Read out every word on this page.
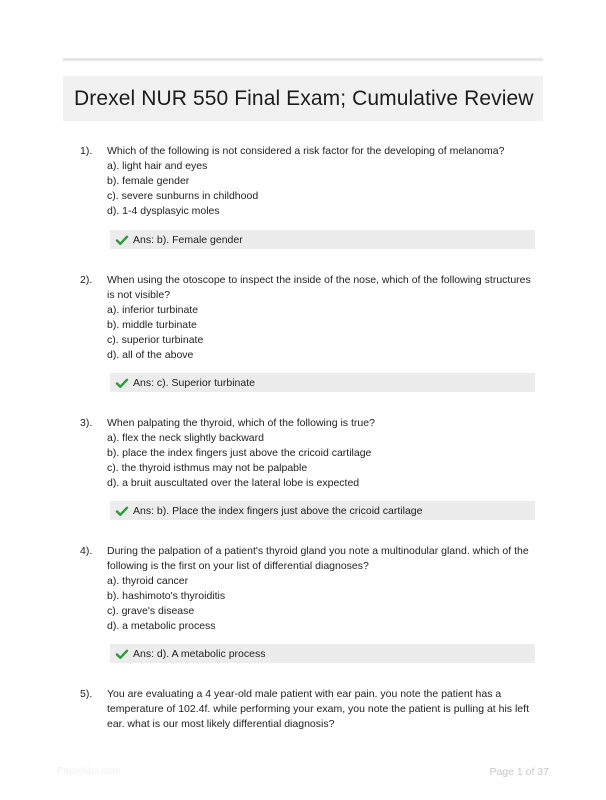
Drexel NUR 550 Final Exam; Cumulative Review
1). Which of the following is not considered a risk factor for the developing of melanoma?
a). light hair and eyes
b). female gender
c). severe sunburns in childhood
d). 1-4 dysplasyic moles
Ans: b). Female gender
2). When using the otoscope to inspect the inside of the nose, which of the following structures is not visible?
a). inferior turbinate
b). middle turbinate
c). superior turbinate
d). all of the above
Ans: c). Superior turbinate
3). When palpating the thyroid, which of the following is true?
a). flex the neck slightly backward
b). place the index fingers just above the cricoid cartilage
c). the thyroid isthmus may not be palpable
d). a bruit auscultated over the lateral lobe is expected
Ans: b). Place the index fingers just above the cricoid cartilage
4). During the palpation of a patient's thyroid gland you note a multinodular gland. which of the following is the first on your list of differential diagnoses?
a). thyroid cancer
b). hashimoto's thyroiditis
c). grave's disease
d). a metabolic process
Ans: d). A metabolic process
5). You are evaluating a 4 year-old male patient with ear pain. you note the patient has a temperature of 102.4f. while performing your exam, you note the patient is pulling at his left ear. what is our most likely differential diagnosis?
Paperlibs.com	Page 1 of 37
